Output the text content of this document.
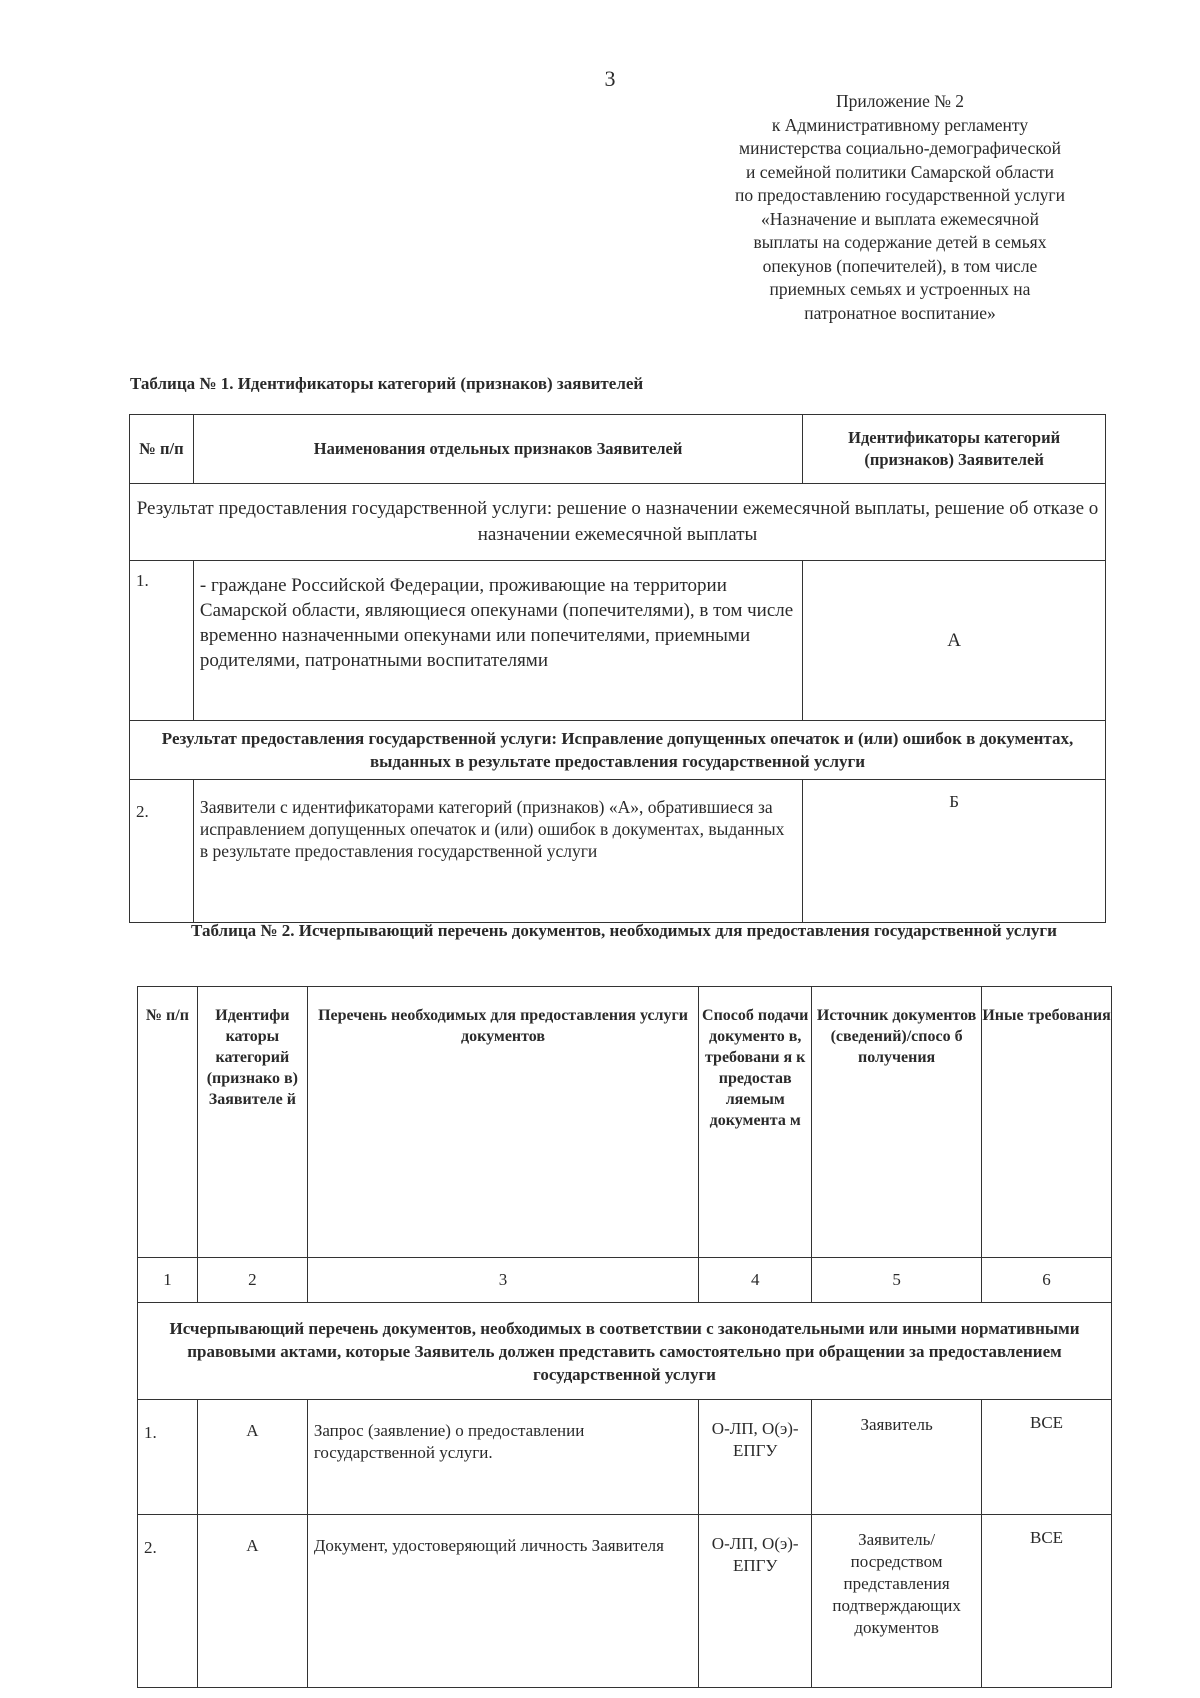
3
Приложение № 2
к Административному регламенту
министерства социально-демографической
и семейной политики Самарской области
по предоставлению государственной услуги
«Назначение и выплата ежемесячной
выплаты на содержание детей в семьях
опекунов (попечителей), в том числе
приемных семьях и устроенных на
патронатное воспитание»
Таблица № 1. Идентификаторы категорий (признаков) заявителей
№ п/п	Наименования отдельных признаков Заявителей	Идентификаторы категорий (признаков) Заявителей
Результат предоставления государственной услуги: решение о назначении ежемесячной выплаты, решение об отказе о назначении ежемесячной выплаты		
1.	- граждане Российской Федерации, проживающие на территории Самарской области, являющиеся опекунами (попечителями), в том числе временно назначенными опекунами или попечителями, приемными родителями, патронатными воспитателями	А
Результат предоставления государственной услуги: Исправление допущенных опечаток и (или) ошибок в документах, выданных в результате предоставления государственной услуги		
2.	Заявители с идентификаторами категорий (признаков) «А», обратившиеся за исправлением допущенных опечаток и (или) ошибок в документах, выданных в результате предоставления государственной услуги	Б
Таблица № 2. Исчерпывающий перечень документов, необходимых для предоставления государственной услуги
№ п/п	Идентифи каторы категорий (признако в) Заявителе й	Перечень необходимых для предоставления услуги документов	Способ подачи документо в, требовани я к предостав ляемым документа м	Источник документов (сведений)/спосо б получения	Иные требования
1	2	3	4	5	6
Исчерпывающий перечень документов, необходимых в соответствии с законодательными или иными нормативными правовыми актами, которые Заявитель должен представить самостоятельно при обращении за предоставлением государственной услуги					
1.	А	Запрос (заявление) о предоставлении государственной услуги.	О-ЛП, О(э)-ЕПГУ	Заявитель	ВСЕ
2.	А	Документ, удостоверяющий личность Заявителя	О-ЛП, О(э)-ЕПГУ	Заявитель/ посредством представления подтверждающих документов	ВСЕ
